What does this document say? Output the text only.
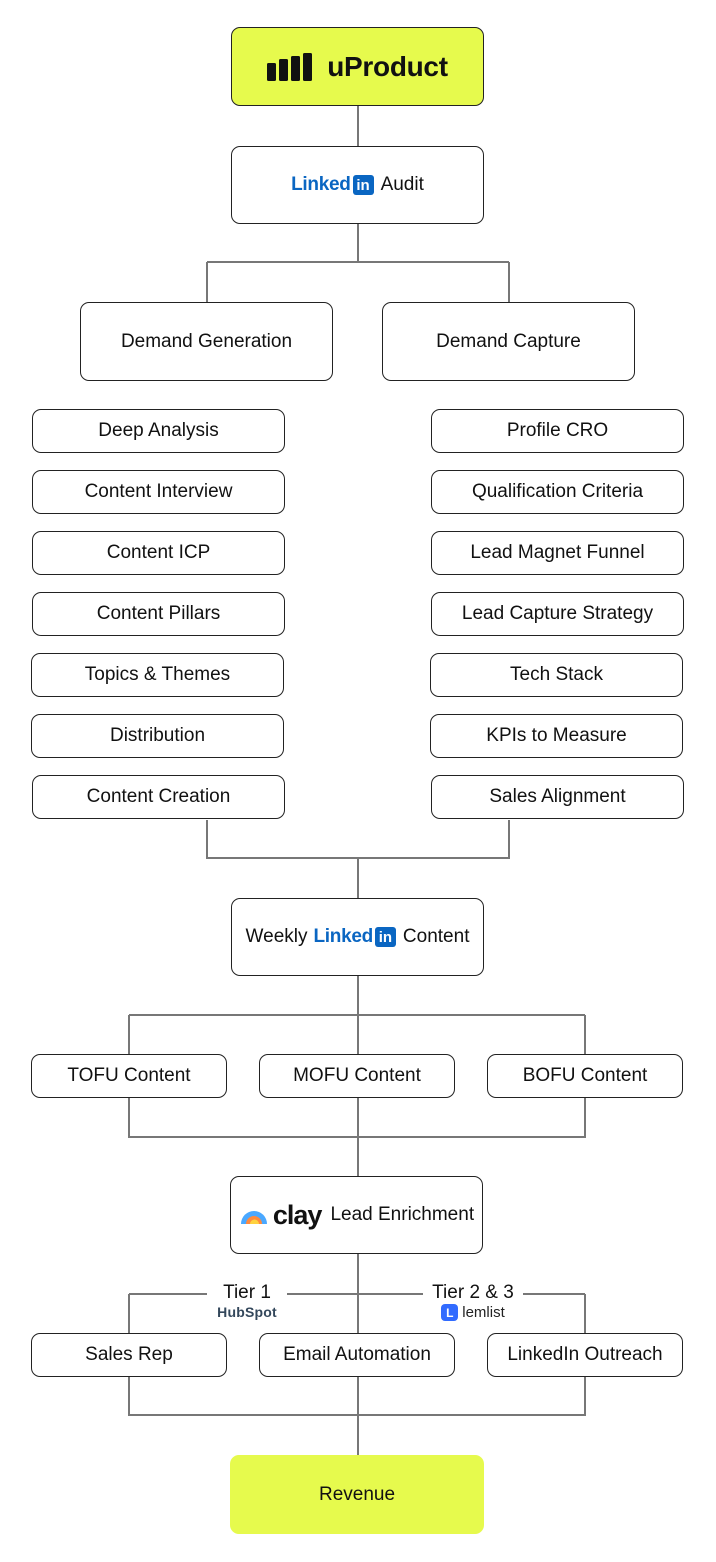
uProduct
Linked in Audit
Demand Generation	Demand Capture
Deep Analysis
Content Interview
Content ICP
Content Pillars
Topics & Themes
Distribution
Content Creation
Profile CRO
Qualification Criteria
Lead Magnet Funnel
Lead Capture Strategy
Tech Stack
KPIs to Measure
Sales Alignment
Weekly Linked in Content
TOFU Content	MOFU Content	BOFU Content
clay Lead Enrichment
Tier 1
HubSpot
Tier 2 & 3
L lemlist
Sales Rep	Email Automation	LinkedIn Outreach
Revenue
